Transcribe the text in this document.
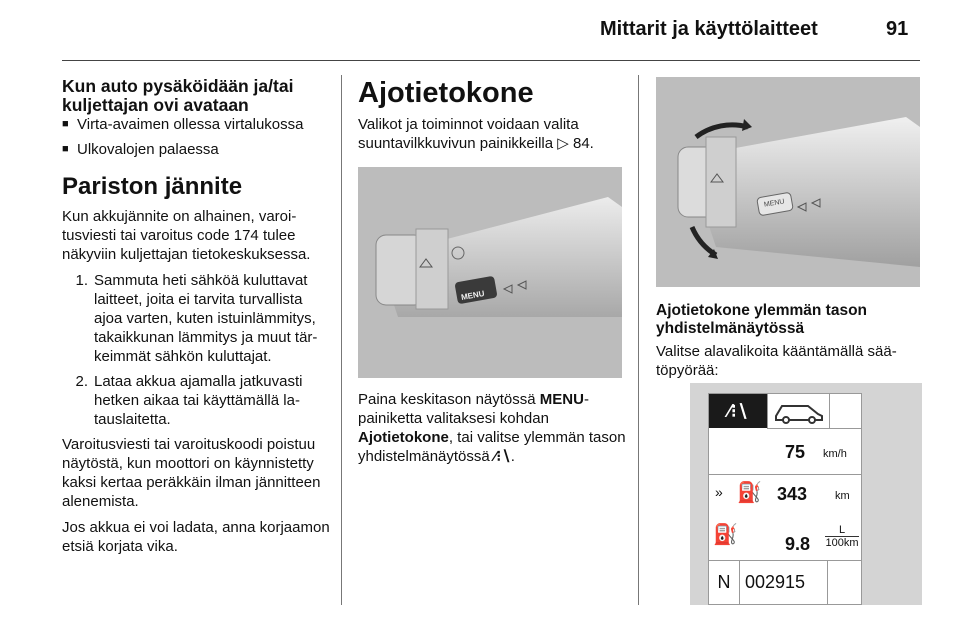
Mittarit ja käyttölaitteet	91
Kun auto pysäköidään ja/tai kuljettajan ovi avataan
■ Virta-avaimen ollessa virtalukossa
■ Ulkovalojen palaessa
Pariston jännite

Kun akkujännite on alhainen, varoitusviesti tai varoitus code 174 tulee näkyviin kuljettajan tietokeskuksessa.

1. Sammuta heti sähköä kuluttavat laitteet, joita ei tarvita turvallista ajoa varten, kuten istuinlämmitys, takaikkunan lämmitys ja muut tärkeimmät sähkön kuluttajat.
2. Lataa akkua ajamalla jatkuvasti hetken aikaa tai käyttämällä latauslaitetta.

Varoitusviesti tai varoituskoodi poistuu näytöstä, kun moottori on käynnistetty kaksi kertaa peräkkäin ilman jännitteen alenemista.

Jos akkua ei voi ladata, anna korjaamon etsiä korjata vika.

Ajotietokone

Valikot ja toiminnot voidaan valita suuntavilkkuvivun painikkeilla ▷ 84.

MENU

Paina keskitason näytössä MENU-painiketta valitaksesi kohdan Ajotietokone, tai valitse ylemmän tason yhdistelmänäytössä ⁄⁝∖.

MENU
Ajotietokone ylemmän tason yhdistelmänäytössä

Valitse alavalikoita kääntämällä säätöpyörää:

⁄⁝∖
75 km/h
» ⛽ 343	km
⛽	9.8
L
100km
N 002915
